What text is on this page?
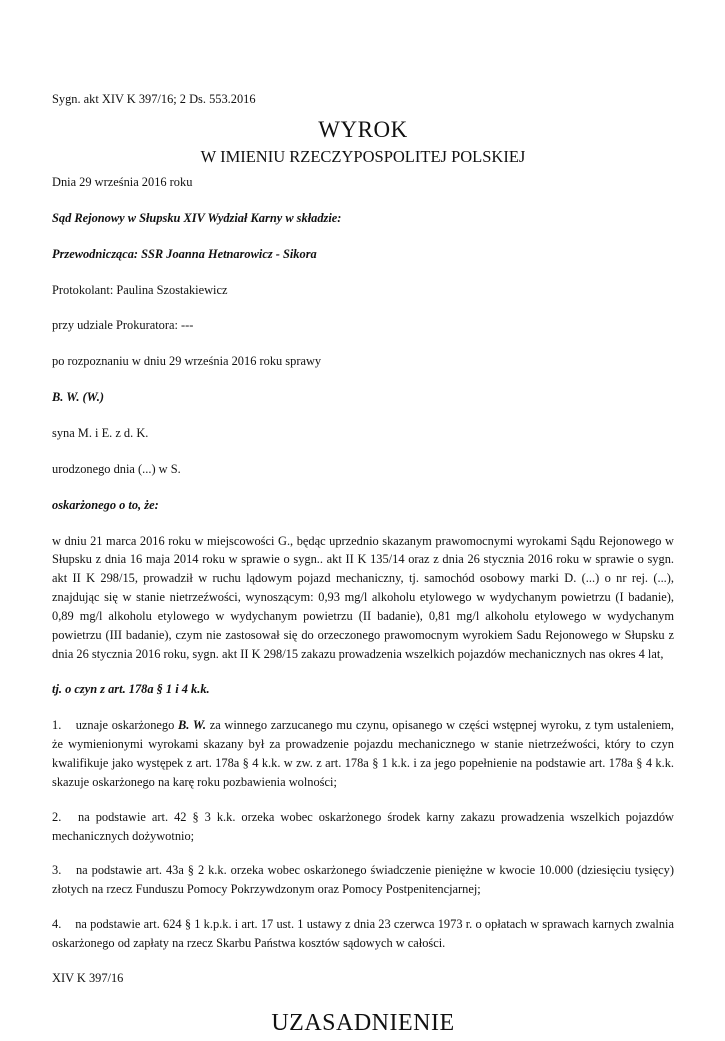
Sygn. akt XIV K 397/16; 2 Ds. 553.2016

WYROK

W IMIENIU RZECZYPOSPOLITEJ POLSKIEJ

Dnia 29 września 2016 roku

Sąd Rejonowy w Słupsku XIV Wydział Karny w składzie:

Przewodnicząca: SSR Joanna Hetnarowicz - Sikora

Protokolant: Paulina Szostakiewicz

przy udziale Prokuratora: ---

po rozpoznaniu w dniu 29 września 2016 roku sprawy

B. W. (W.)

syna M. i E. z d. K.

urodzonego dnia (...) w S.

oskarżonego o to, że:

w dniu 21 marca 2016 roku w miejscowości G., będąc uprzednio skazanym prawomocnymi wyrokami Sądu Rejonowego w Słupsku z dnia 16 maja 2014 roku w sprawie o sygn.. akt II K 135/14 oraz z dnia 26 stycznia 2016 roku w sprawie o sygn. akt II K 298/15, prowadził w ruchu lądowym pojazd mechaniczny, tj. samochód osobowy marki D. (...) o nr rej. (...), znajdując się w stanie nietrzeźwości, wynoszącym: 0,93 mg/l alkoholu etylowego w wydychanym powietrzu (I badanie), 0,89 mg/l alkoholu etylowego w wydychanym powietrzu (II badanie), 0,81 mg/l alkoholu etylowego w wydychanym powietrzu (III badanie), czym nie zastosował się do orzeczonego prawomocnym wyrokiem Sadu Rejonowego w Słupsku z dnia 26 stycznia 2016 roku, sygn. akt II K 298/15 zakazu prowadzenia wszelkich pojazdów mechanicznych nas okres 4 lat,

tj. o czyn z art. 178a § 1 i 4 k.k.

1. uznaje oskarżonego B. W. za winnego zarzucanego mu czynu, opisanego w części wstępnej wyroku, z tym ustaleniem, że wymienionymi wyrokami skazany był za prowadzenie pojazdu mechanicznego w stanie nietrzeźwości, który to czyn kwalifikuje jako występek z art. 178a § 4 k.k. w zw. z art. 178a § 1 k.k. i za jego popełnienie na podstawie art. 178a § 4 k.k. skazuje oskarżonego na karę roku pozbawienia wolności;

2. na podstawie art. 42 § 3 k.k. orzeka wobec oskarżonego środek karny zakazu prowadzenia wszelkich pojazdów mechanicznych dożywotnio;

3. na podstawie art. 43a § 2 k.k. orzeka wobec oskarżonego świadczenie pieniężne w kwocie 10.000 (dziesięciu tysięcy) złotych na rzecz Funduszu Pomocy Pokrzywdzonym oraz Pomocy Postpenitencjarnej;

4. na podstawie art. 624 § 1 k.p.k. i art. 17 ust. 1 ustawy z dnia 23 czerwca 1973 r. o opłatach w sprawach karnych zwalnia oskarżonego od zapłaty na rzecz Skarbu Państwa kosztów sądowych w całości.

XIV K 397/16

UZASADNIENIE
